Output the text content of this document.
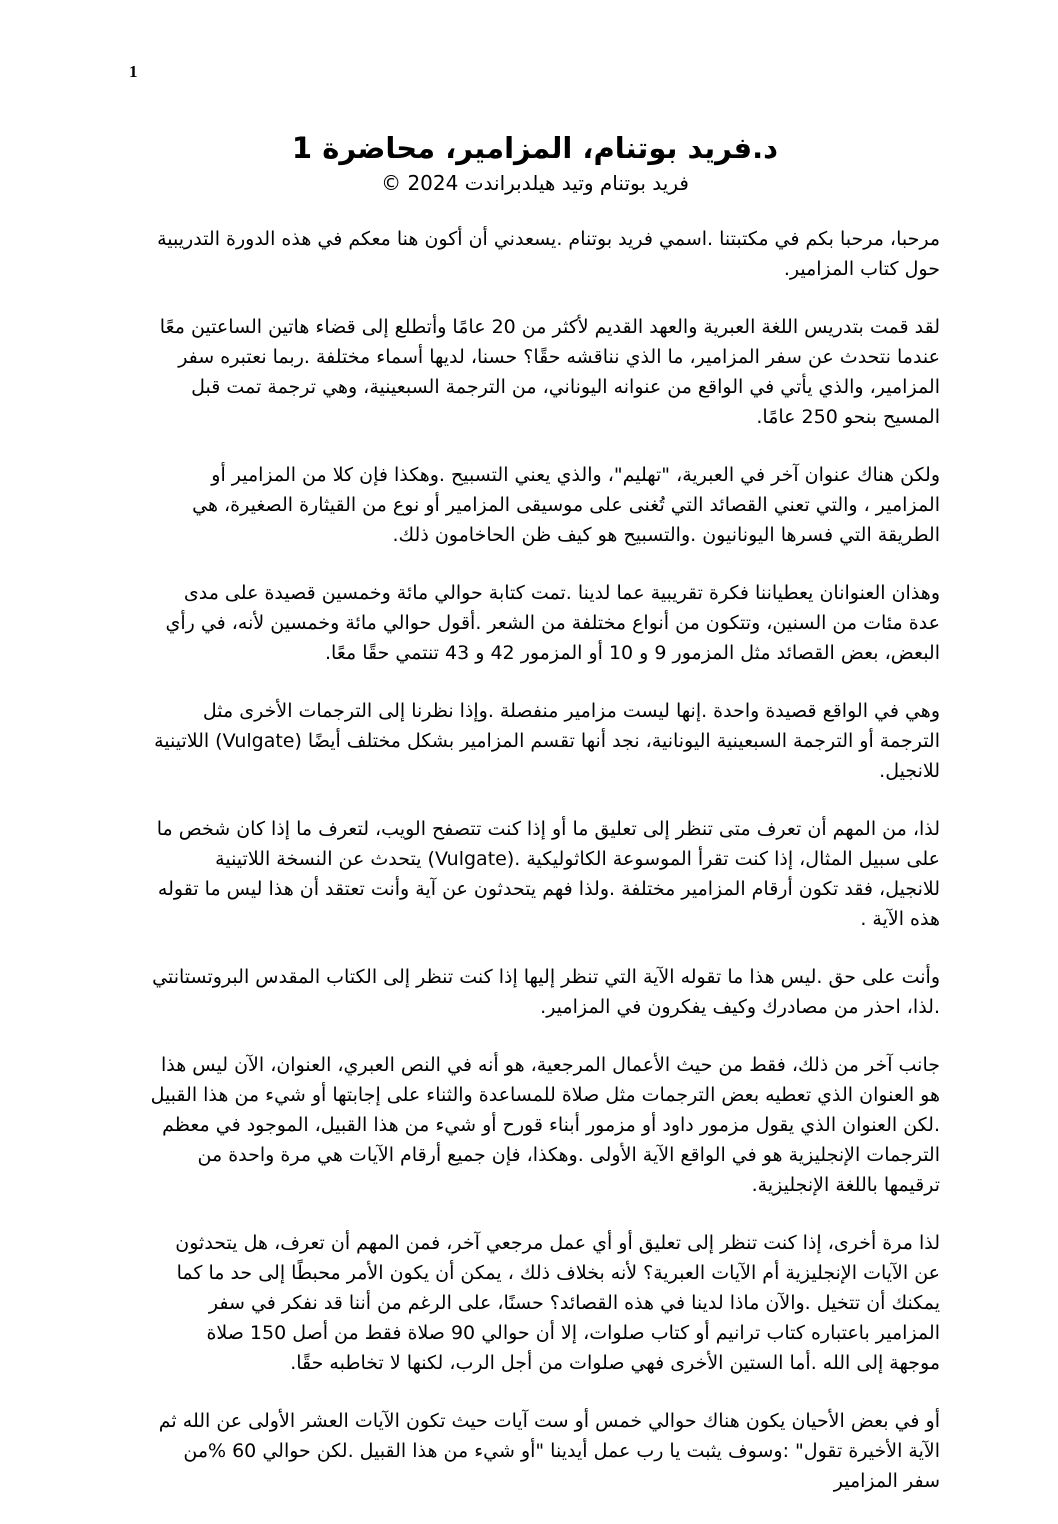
1
د.فريد بوتنام، المزامير، محاضرة 1

فريد بوتنام وتيد هيلدبراندت 2024 ©

مرحبا، مرحبا بكم في مكتبتنا .اسمي فريد بوتنام .يسعدني أن أكون هنا معكم في هذه الدورة التدريبية حول كتاب المزامير.

لقد قمت بتدريس اللغة العبرية والعهد القديم لأكثر من 20 عامًا وأتطلع إلى قضاء هاتين الساعتين معًا عندما نتحدث عن سفر المزامير، ما الذي نناقشه حقًا؟ حسنا، لديها أسماء مختلفة .ربما نعتبره سفر المزامير، والذي يأتي في الواقع من عنوانه اليوناني، من الترجمة السبعينية، وهي ترجمة تمت قبل المسيح بنحو 250 عامًا.

ولكن هناك عنوان آخر في العبرية، "تهليم"، والذي يعني التسبيح .وهكذا فإن كلا من المزامير أو المزامير ، والتي تعني القصائد التي تُغنى على موسيقى المزامير أو نوع من القيثارة الصغيرة، هي الطريقة التي فسرها اليونانيون .والتسبيح هو كيف ظن الحاخامون ذلك.

وهذان العنوانان يعطياننا فكرة تقريبية عما لدينا .تمت كتابة حوالي مائة وخمسين قصيدة على مدى عدة مئات من السنين، وتتكون من أنواع مختلفة من الشعر .أقول حوالي مائة وخمسين لأنه، في رأي البعض، بعض القصائد مثل المزمور 9 و 10 أو المزمور 42 و 43 تنتمي حقًا معًا.

وهي في الواقع قصيدة واحدة .إنها ليست مزامير منفصلة .وإذا نظرنا إلى الترجمات الأخرى مثل الترجمة أو الترجمة السبعينية اليونانية، نجد أنها تقسم المزامير بشكل مختلف أيضًا (Vulgate) اللاتينية للانجيل.

لذا، من المهم أن تعرف متى تنظر إلى تعليق ما أو إذا كنت تتصفح الويب، لتعرف ما إذا كان شخص ما على سبيل المثال، إذا كنت تقرأ الموسوعة الكاثوليكية .(Vulgate) يتحدث عن النسخة اللاتينية للانجيل، فقد تكون أرقام المزامير مختلفة .ولذا فهم يتحدثون عن آية وأنت تعتقد أن هذا ليس ما تقوله هذه الآية .

وأنت على حق .ليس هذا ما تقوله الآية التي تنظر إليها إذا كنت تنظر إلى الكتاب المقدس البروتستانتي .لذا، احذر من مصادرك وكيف يفكرون في المزامير.

جانب آخر من ذلك، فقط من حيث الأعمال المرجعية، هو أنه في النص العبري، العنوان، الآن ليس هذا هو العنوان الذي تعطيه بعض الترجمات مثل صلاة للمساعدة والثناء على إجابتها أو شيء من هذا القبيل .لكن العنوان الذي يقول مزمور داود أو مزمور أبناء قورح أو شيء من هذا القبيل، الموجود في معظم الترجمات الإنجليزية هو في الواقع الآية الأولى .وهكذا، فإن جميع أرقام الآيات هي مرة واحدة من ترقيمها باللغة الإنجليزية.

لذا مرة أخرى، إذا كنت تنظر إلى تعليق أو أي عمل مرجعي آخر، فمن المهم أن تعرف، هل يتحدثون عن الآيات الإنجليزية أم الآيات العبرية؟ لأنه بخلاف ذلك ، يمكن أن يكون الأمر محبطًا إلى حد ما كما يمكنك أن تتخيل .والآن ماذا لدينا في هذه القصائد؟ حسنًا، على الرغم من أننا قد نفكر في سفر المزامير باعتباره كتاب ترانيم أو كتاب صلوات، إلا أن حوالي 90 صلاة فقط من أصل 150 صلاة موجهة إلى الله .أما الستين الأخرى فهي صلوات من أجل الرب، لكنها لا تخاطبه حقًا.

أو في بعض الأحيان يكون هناك حوالي خمس أو ست آيات حيث تكون الآيات العشر الأولى عن الله ثم الآية الأخيرة تقول" :وسوف يثبت يا رب عمل أيدينا "أو شيء من هذا القبيل .لكن حوالي 60 %من سفر المزامير
